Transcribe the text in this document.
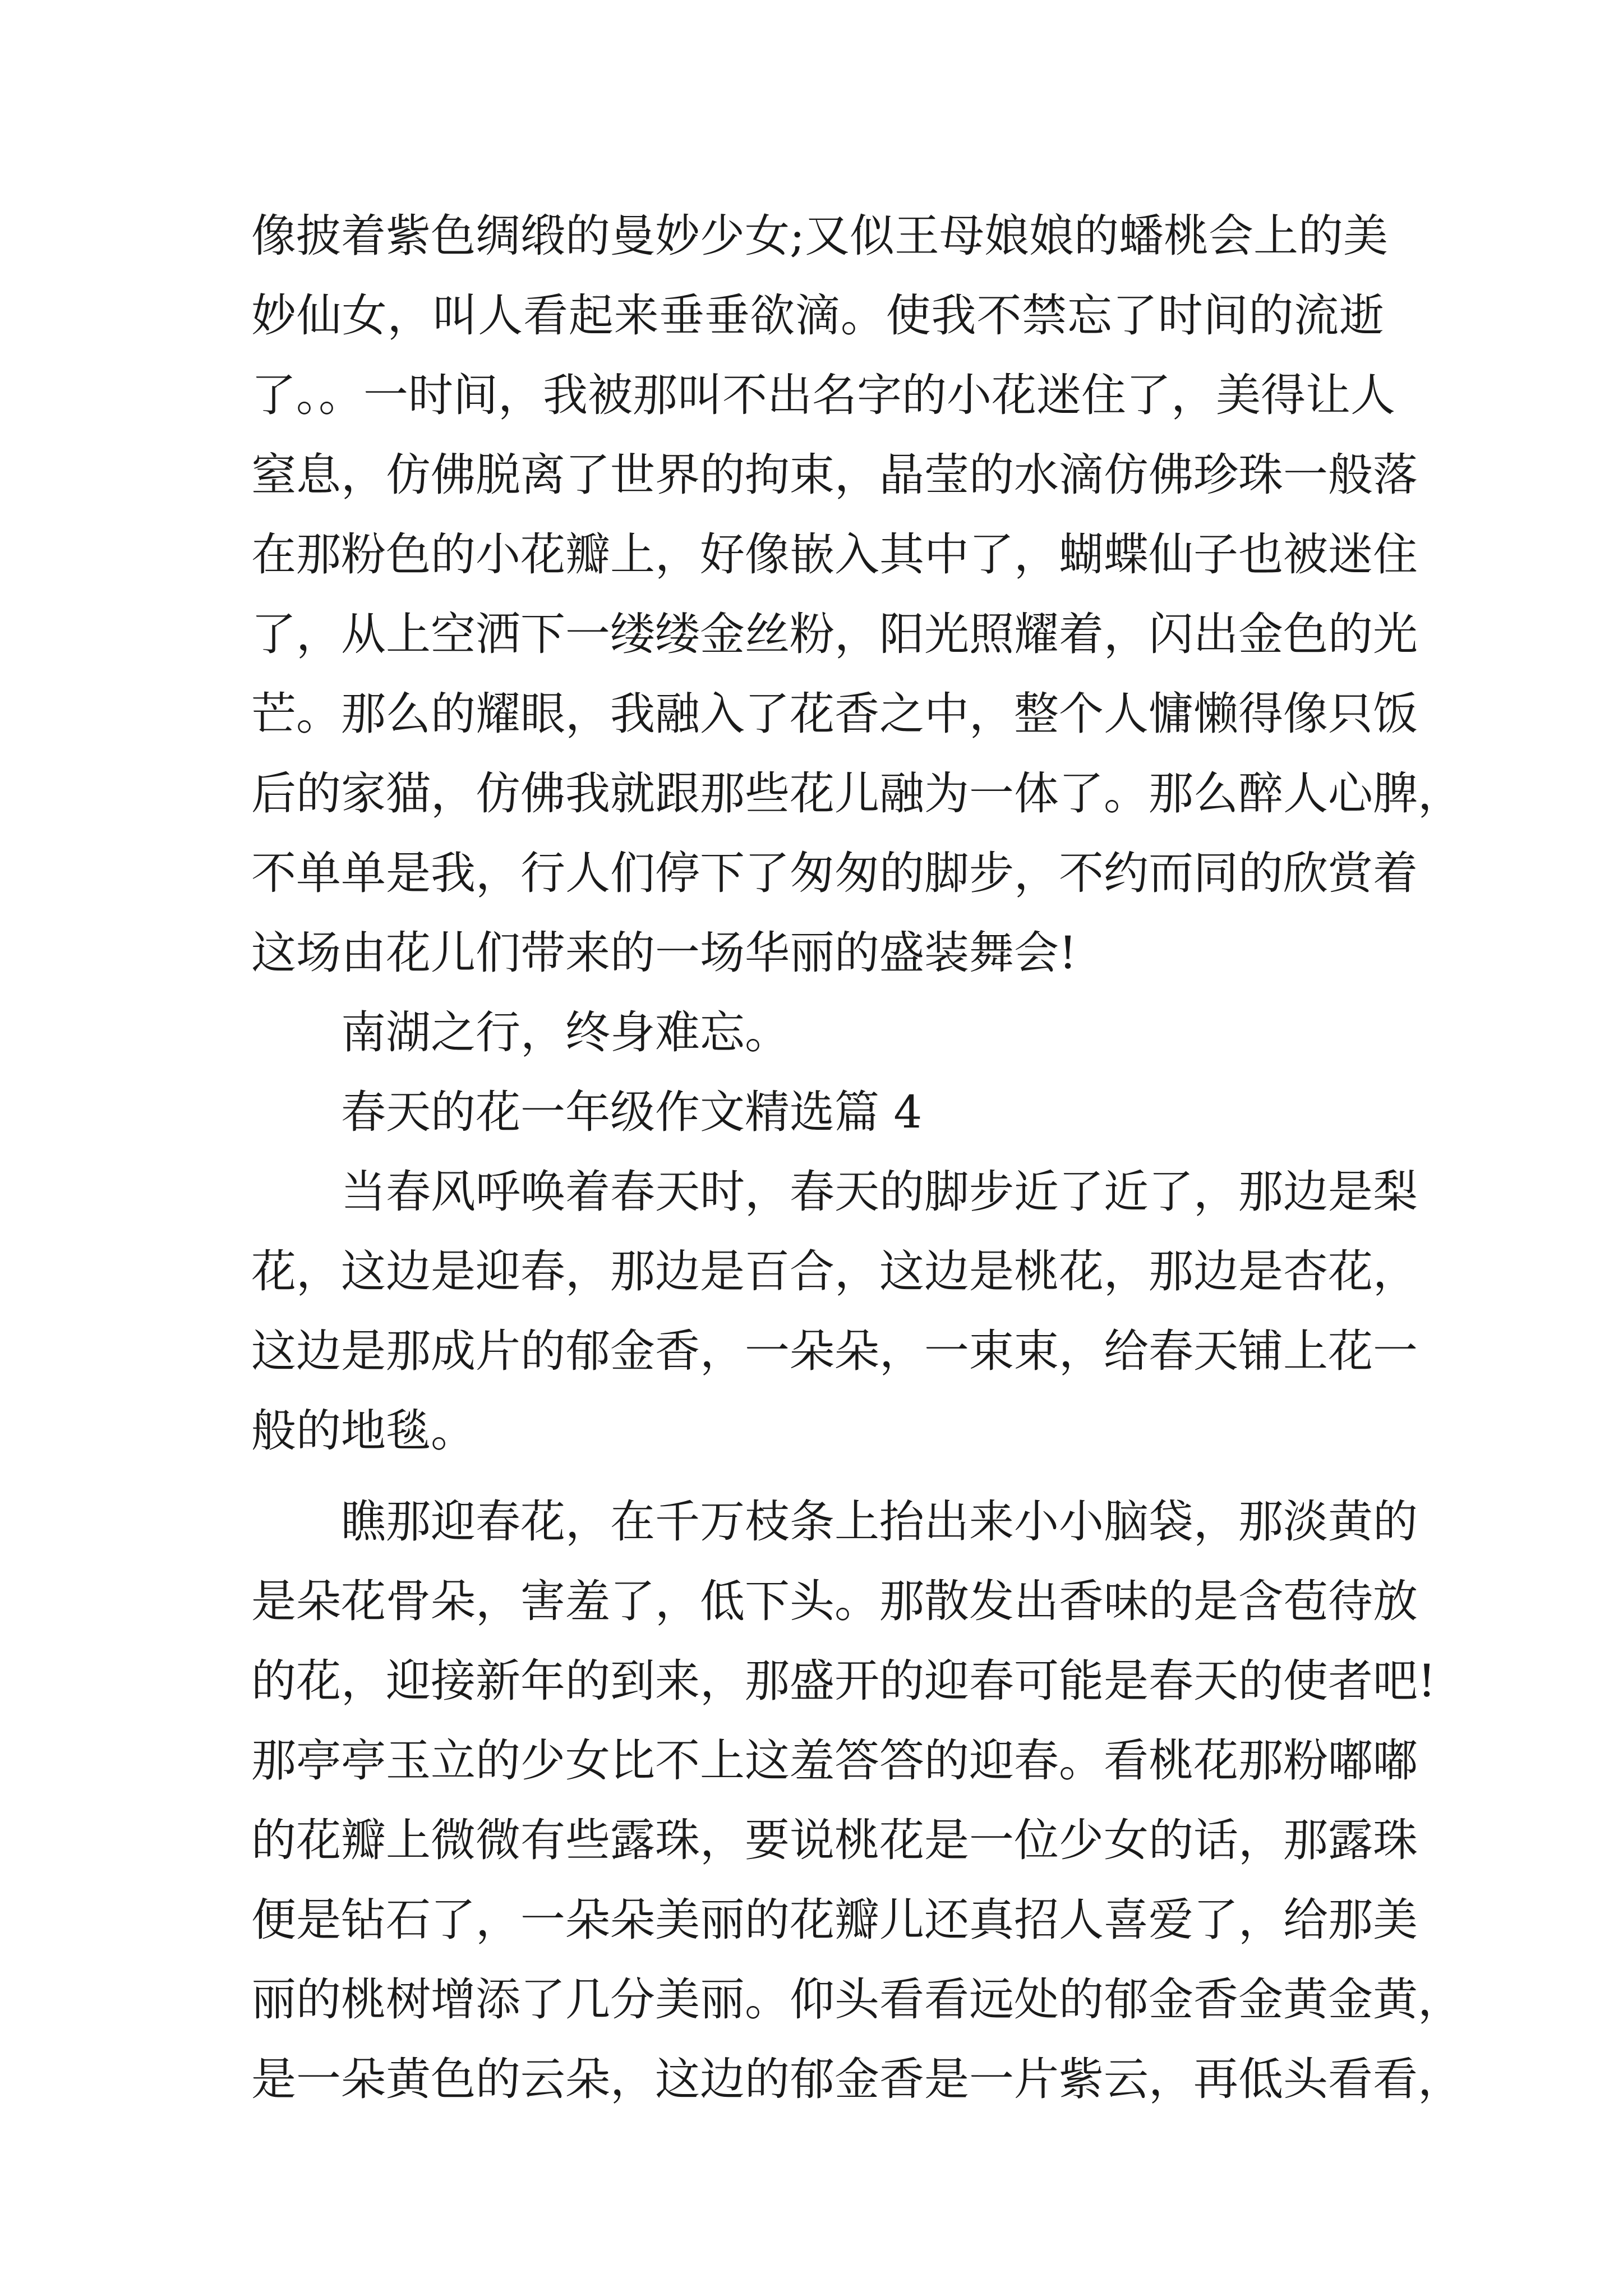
像披着紫色绸缎的曼妙少女;又似王母娘娘的蟠桃会上的美
妙仙女，叫人看起来垂垂欲滴。使我不禁忘了时间的流逝
了。。一时间，我被那叫不出名字的小花迷住了，美得让人
窒息，仿佛脱离了世界的拘束，晶莹的水滴仿佛珍珠一般落
在那粉色的小花瓣上，好像嵌入其中了，蝴蝶仙子也被迷住
了，从上空洒下一缕缕金丝粉，阳光照耀着，闪出金色的光
芒。那么的耀眼，我融入了花香之中，整个人慵懒得像只饭
后的家猫，仿佛我就跟那些花儿融为一体了。那么醉人心脾，
不单单是我，行人们停下了匆匆的脚步，不约而同的欣赏着
这场由花儿们带来的一场华丽的盛装舞会!
南湖之行，终身难忘。
春天的花一年级作文精选篇 4
当春风呼唤着春天时，春天的脚步近了近了，那边是梨
花，这边是迎春，那边是百合，这边是桃花，那边是杏花，
这边是那成片的郁金香，一朵朵，一束束，给春天铺上花一
般的地毯。
瞧那迎春花，在千万枝条上抬出来小小脑袋，那淡黄的
是朵花骨朵，害羞了，低下头。那散发出香味的是含苞待放
的花，迎接新年的到来，那盛开的迎春可能是春天的使者吧!
那亭亭玉立的少女比不上这羞答答的迎春。看桃花那粉嘟嘟
的花瓣上微微有些露珠，要说桃花是一位少女的话，那露珠
便是钻石了，一朵朵美丽的花瓣儿还真招人喜爱了，给那美
丽的桃树增添了几分美丽。仰头看看远处的郁金香金黄金黄，
是一朵黄色的云朵，这边的郁金香是一片紫云，再低头看看，
